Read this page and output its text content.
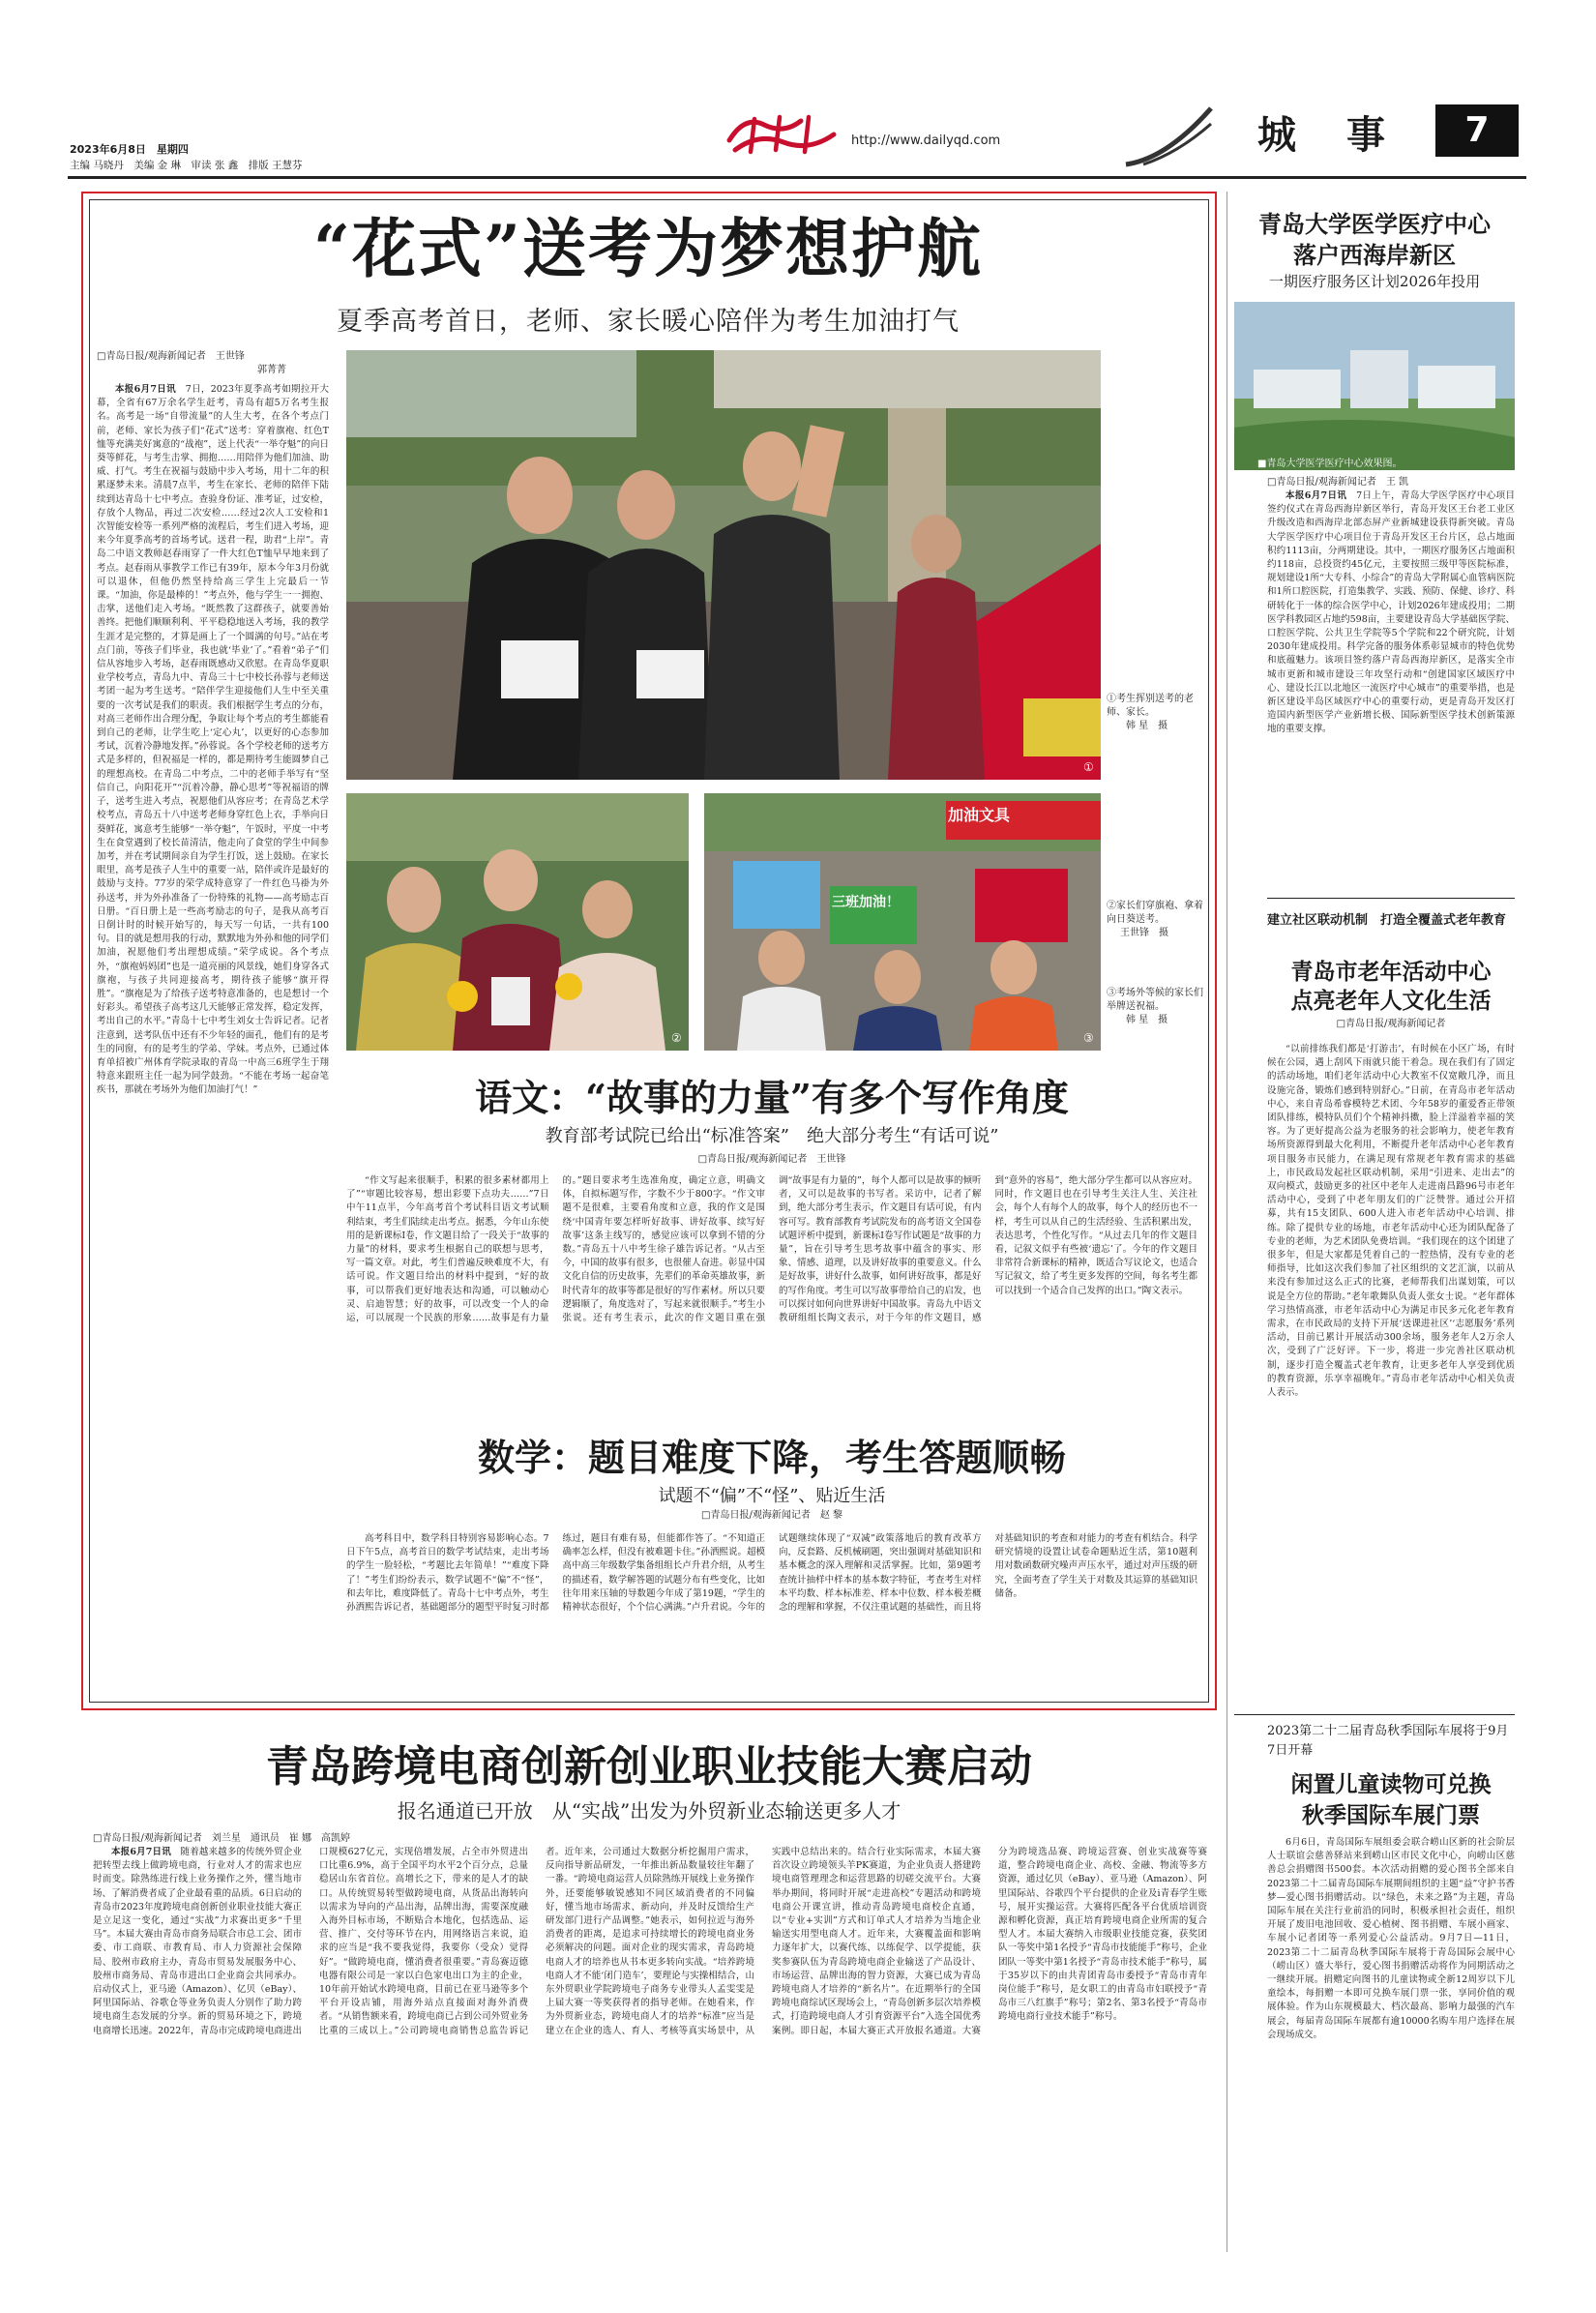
2023年6月8日　星期四
主编 马晓丹　美编 金 琳　审读 张 鑫　排版 王慧芬
http://www.dailyqd.com	城　事	7
“花式”送考为梦想护航
夏季高考首日，老师、家长暖心陪伴为考生加油打气
□青岛日报/观海新闻记者　王世锋
郭菁菁

本报6月7日讯　 7日，2023年夏季高考如期拉开大幕，全省有67万余名学生赶考，青岛有超5万名考生报名。高考是一场“自带流量”的人生大考，在各个考点门前，老师、家长为孩子们“花式”送考：穿着旗袍、红色T恤等充满美好寓意的“战袍”，送上代表“一举夺魁”的向日葵等鲜花，与考生击掌、拥抱……用陪伴为他们加油、助威、打气。考生在祝福与鼓励中步入考场，用十二年的积累逐梦未来。清晨7点半，考生在家长、老师的陪伴下陆续到达青岛十七中考点。查验身份证、准考证，过安检，存放个人物品，再过二次安检……经过2次人工安检和1次智能安检等一系列严格的流程后，考生们进入考场，迎来今年夏季高考的首场考试。送君一程，助君“上岸”。青岛二中语文教师赵春雨穿了一件大红色T恤早早地来到了考点。赵春雨从事教学工作已有39年，原本今年3月份就可以退休，但他仍然坚持给高三学生上完最后一节课。“加油，你是最棒的！”考点外，他与学生一一拥抱、击掌，送他们走入考场。“既然教了这群孩子，就要善始善终。把他们顺顺利利、平平稳稳地送入考场，我的教学生涯才是完整的，才算是画上了一个圆满的句号。”站在考点门前，等孩子们毕业，我也就‘毕业’了。”看着“弟子”们信从容地步入考场，赵春雨既感动又欣慰。在青岛华夏职业学校考点，青岛九中、青岛三十七中校长孙蓉与老师送考团一起为考生送考。“陪伴学生迎接他们人生中至关重要的一次考试是我们的职责。我们根据学生考点的分布，对高三老师作出合理分配，争取让每个考点的考生都能看到自己的老师，让学生吃上‘定心丸’，以更好的心态参加考试，沉着冷静地发挥。”孙蓉说。各个学校老师的送考方式是多样的，但祝福是一样的，都是期待考生能圆梦自己的理想高校。在青岛二中考点，二中的老师手举写有“坚信自己，向阳花开”“沉着冷静，静心思考”等祝福语的牌子，送考生进入考点，祝愿他们从容应考；在青岛艺术学校考点，青岛五十八中送考老师身穿红色上衣，手举向日葵鲜花，寓意考生能够“一举夺魁”，午饭时，平度一中考生在食堂遇到了校长苗清洁，他走向了食堂的学生中间参加考，并在考试期间亲自为学生打饭，送上鼓励。在家长眼里，高考是孩子人生中的重要一站，陪伴或许是最好的鼓励与支持。77岁的荣学成特意穿了一件红色马褂为外孙送考，并为外孙准备了一份特殊的礼物——高考励志百日册。“百日册上是一些高考励志的句子，是我从高考百日倒计时的时候开始写的，每天写一句话，一共有100句。目的就是想用我的行动，默默地为外孙和他的同学们加油，祝愿他们考出理想成绩。”荣学成说。各个考点外，“旗袍妈妈团”也是一道亮丽的风景线，她们身穿各式旗袍，与孩子共同迎接高考，期待孩子能够“旗开得胜”。“旗袍是为了给孩子送考特意准备的，也是想讨一个好彩头。希望孩子高考这几天能够正常发挥，稳定发挥，考出自己的水平。”青岛十七中考生刘女士告诉记者。记者注意到，送考队伍中还有不少年轻的面孔，他们有的是考生的同窗，有的是考生的学弟、学妹。考点外，已通过体育单招被广州体育学院录取的青岛一中高三6班学生于翔特意来跟班主任一起为同学鼓劲。“不能在考场一起奋笔疾书，那就在考场外为他们加油打气！”

①考生挥别送考的老师、家长。
韩 星　摄
②
加油文具
三班加油！
③
①
②家长们穿旗袍、拿着向日葵送考。
王世锋　摄
③考场外等候的家长们举牌送祝福。
韩 星　摄
语文：“故事的力量”有多个写作角度
教育部考试院已给出“标准答案”　绝大部分考生“有话可说”
□青岛日报/观海新闻记者　王世锋

“作文写起来很顺手，积累的很多素材都用上了”“审题比较容易，想出彩要下点功夫……”7日中午11点半，今年高考首个考试科目语文考试顺利结束，考生们陆续走出考点。据悉，今年山东使用的是新课标Ⅰ卷，作文题目给了一段关于“故事的力量”的材料，要求考生根据自己的联想与思考，写一篇文章。对此，考生们普遍反映难度不大，有话可说。作文题目给出的材料中提到，“好的故事，可以帮我们更好地表达和沟通，可以触动心灵、启迪智慧；好的故事，可以改变一个人的命运，可以展现一个民族的形象……故事是有力量的。”题目要求考生选准角度，确定立意，明确文体，自拟标题写作，字数不少于800字。“作文审题不是很难，主要看角度和立意，我的作文是围绕‘中国青年要怎样听好故事、讲好故事、续写好故事’这条主线写的，感觉应该可以拿到不错的分数。”青岛五十八中考生徐子雄告诉记者。“从古至今，中国的故事有很多，也很催人奋进。彰显中国文化自信的历史故事，先辈们的革命英雄故事，新时代青年的故事等都是很好的写作素材。所以只要逻辑顺了，角度选对了，写起来就很顺手。”考生小张说。还有考生表示，此次的作文题目重在强调“故事是有力量的”，每个人都可以是故事的倾听者，又可以是故事的书写者。采访中，记者了解到，绝大部分考生表示，作文题目有话可说，有内容可写。教育部教育考试院发布的高考语文全国卷试题评析中提到，新课标Ⅰ卷写作试题是“故事的力量”，旨在引导考生思考故事中蕴含的事实、形象、情感、道理，以及讲好故事的重要意义。什么是好故事，讲好什么故事，如何讲好故事，都是好的写作角度。考生可以写故事带给自己的启发，也可以探讨如何向世界讲好中国故事。青岛九中语文教研组组长陶文表示，对于今年的作文题目，感到“意外的容易”，绝大部分学生都可以从容应对。同时，作文题目也在引导考生关注人生、关注社会，每个人有每个人的故事，每个人的经历也不一样，考生可以从自己的生活经验、生活积累出发，表达思考，个性化写作。“从过去几年的作文题目看，记叙文似乎有些被‘遗忘’了。今年的作文题目非常符合新课标的精神，既适合写议论文，也适合写记叙文，给了考生更多发挥的空间，每名考生都可以找到一个适合自己发挥的出口。”陶文表示。

数学：题目难度下降，考生答题顺畅
试题不“偏”不“怪”、贴近生活
□青岛日报/观海新闻记者　赵 黎

高考科目中，数学科目特别容易影响心态。7日下午5点，高考首日的数学考试结束，走出考场的学生一脸轻松，“考题比去年简单！”“难度下降了！”考生们纷纷表示，数学试题不“偏”不“怪”，和去年比，难度降低了。青岛十七中考点外，考生孙洒熙告诉记者，基础题部分的题型平时复习时都练过，题目有难有易，但能都作答了。“不知道正确率怎么样，但没有被难题卡住。”孙洒熙说。超模高中高三年级数学集备组组长卢升君介绍，从考生的描述看，数学解答题的试题分布有些变化，比如往年用来压轴的导数题今年成了第19题，“学生的精神状态很好，个个信心满满。”卢升君说。今年的试题继续体现了“双减”政策落地后的教育改革方向，反套路、反机械刷题，突出强调对基础知识和基本概念的深入理解和灵活掌握。比如，第9题考查统计抽样中样本的基本数字特征，考查考生对样本平均数、样本标准差、样本中位数、样本极差概念的理解和掌握，不仅注重试题的基础性，而且将对基础知识的考查和对能力的考查有机结合。科学研究情境的设置让试卷命题贴近生活，第10题利用对数函数研究噪声声压水平，通过对声压级的研究，全面考查了学生关于对数及其运算的基础知识储备。

青岛大学医学医疗中心
落户西海岸新区
一期医疗服务区计划2026年投用
■青岛大学医学医疗中心效果图。
□青岛日报/观海新闻记者　王 凯

本报6月7日讯　 7日上午，青岛大学医学医疗中心项目签约仪式在青岛西海岸新区举行，青岛开发区王台老工业区升级改造和西海岸北部态屏产业新城建设获得新突破。青岛大学医学医疗中心项目位于青岛开发区王台片区，总占地面积约1113亩，分两期建设。其中，一期医疗服务区占地面积约118亩，总投资约45亿元，主要按照三级甲等医院标准，规划建设1所“大专科、小综合”的青岛大学附属心血管病医院和1所口腔医院，打造集教学、实践、预防、保健、诊疗、科研转化于一体的综合医学中心，计划2026年建成投用；二期医学科教园区占地约598亩，主要建设青岛大学基础医学院、口腔医学院、公共卫生学院等5个学院和22个研究院，计划2030年建成投用。科学完备的服务体系彰显城市的特色优势和底蕴魅力。该项目签约落户青岛西海岸新区，是落实全市城市更新和城市建设三年攻坚行动和“创建国家区域医疗中心、建设长江以北地区一流医疗中心城市”的重要举措，也是新区建设半岛区域医疗中心的重要行动，更是青岛开发区打造国内新型医学产业新增长极、国际新型医学技术创新策源地的重要支撑。

建立社区联动机制　打造全覆盖式老年教育
青岛市老年活动中心
点亮老年人文化生活
□青岛日报/观海新闻记者

“以前排练我们都是‘打游击’，有时候在小区广场，有时候在公园，遇上刮风下雨就只能干着急。现在我们有了固定的活动场地，咱们老年活动中心大教室不仅宽敞几净，而且设施完备，锻炼们感到特别舒心。”日前，在青岛市老年活动中心，来自青岛希睿模特艺术团、今年58岁的董爱香正带领团队排练，模特队员们个个精神抖擞，脸上洋溢着幸福的笑容。为了更好提高公益为老服务的社会影响力，使老年教育场所资源得到最大化利用，不断提升老年活动中心老年教育项目服务市民能力，在满足现有常规老年教育需求的基础上，市民政局发起社区联动机制，采用“引进来、走出去”的双向模式，鼓励更多的社区中老年人走进南昌路96号市老年活动中心，受到了中老年朋友们的广泛赞誉。通过公开招募，共有15支团队、600人进入市老年活动中心培训、排练。除了提供专业的场地，市老年活动中心还为团队配备了专业的老师，为艺术团队免费培训。“我们现在的这个团建了很多年，但是大家都是凭着自己的一腔热情，没有专业的老师指导，比如这次我们参加了社区组织的文艺汇演，以前从来没有参加过这么正式的比赛，老师帮我们出谋划策，可以说是全方位的帮助。”老年歌舞队负责人张女士说。“老年群体学习热情高涨，市老年活动中心为满足市民多元化老年教育需求，在市民政局的支持下开展‘送课进社区’‘志愿服务’系列活动，目前已累计开展活动300余场，服务老年人2万余人次，受到了广泛好评。下一步，将进一步完善社区联动机制，逐步打造全覆盖式老年教育，让更多老年人享受到优质的教育资源，乐享幸福晚年。”青岛市老年活动中心相关负责人表示。

2023第二十二届青岛秋季国际车展将于9月7日开幕
闲置儿童读物可兑换
秋季国际车展门票

6月6日，青岛国际车展组委会联合崂山区新的社会阶层人士联谊会慈善驿站来到崂山区市民文化中心，向崂山区慈善总会捐赠图书500套。本次活动捐赠的爱心图书全部来自2023第二十二届青岛国际车展期间组织的主题“益”守护书香梦—爱心图书捐赠活动。以“绿色，未来之路”为主题，青岛国际车展在关注行业前沿的同时，积极承担社会责任，组织开展了废旧电池回收、爱心植树、图书捐赠、车展小画家、车展小记者团等一系列爱心公益活动。9月7日—11日，2023第二十二届青岛秋季国际车展将于青岛国际会展中心（崂山区）盛大举行，爱心图书捐赠活动将作为同期活动之一继续开展。捐赠定向图书的儿童读物或全新12周岁以下儿童绘本，每捐赠一本即可兑换车展门票一张，享同价值的观展体验。作为山东规模最大、档次最高、影响力最强的汽车展会，每届青岛国际车展都有逾10000名购车用户选择在展会现场成交。

青岛跨境电商创新创业职业技能大赛启动
报名通道已开放　从“实战”出发为外贸新业态输送更多人才
□青岛日报/观海新闻记者　刘兰星　通讯员　崔 娜　高凯婷

本报6月7日讯　 随着越来越多的传统外贸企业把转型去线上做跨境电商，行业对人才的需求也应时而变。除熟练进行线上业务操作之外，懂当地市场、了解消费者成了企业最看重的品质。6日启动的青岛市2023年度跨境电商创新创业职业技能大赛正是立足这一变化，通过“实战”力求赛出更多“千里马”。本届大赛由青岛市商务局联合市总工会、团市委、市工商联、市教育局、市人力资源社会保障局、胶州市政府主办，青岛市贸易发展服务中心、胶州市商务局、青岛市进出口企业商会共同承办。启动仪式上，亚马逊（Amazon）、亿贝（eBay）、阿里国际站、谷歌仓等业务负责人分别作了助力跨境电商生态发展的分享。新的贸易环境之下，跨境电商增长迅速。2022年，青岛市完成跨境电商进出口规模627亿元，实现倍增发展，占全市外贸进出口比重6.9%，高于全国平均水平2个百分点，总量稳居山东省首位。高增长之下，带来的是人才的缺口。从传统贸易转型做跨境电商，从货品出海转向以需求为导向的产品出海，品牌出海，需要深度融入海外目标市场，不断贴合本地化，包括选品、运营、推广、交付等环节在内，用网络语言来说，追求的应当是“我不要我觉得，我要你（受众）觉得好”。“做跨境电商，懂消费者很重要。”青岛赛迈德电器有限公司是一家以白色家电出口为主的企业，10年前开始试水跨境电商，目前已在亚马逊等多个平台开设店铺，用海外站点直接面对海外消费者。“从销售额来看，跨境电商已占到公司外贸业务比重的三成以上。”公司跨境电商销售总监告诉记者。近年来，公司通过大数据分析挖掘用户需求，反向指导新品研发，一年推出新品数量较往年翻了一番。“跨境电商运营人员除熟练开展线上业务操作外，还要能够敏锐感知不同区域消费者的不同偏好，懂当地市场需求、新动向，并及时反馈给生产研发部门进行产品调整。”她表示，如何拉近与海外消费者的距离，是追求可持续增长的跨境电商业务必须解决的问题。面对企业的现实需求，青岛跨境电商人才的培养也从书本更多转向实战。“培养跨境电商人才不能‘闭门造车’，要理论与实操相结合，山东外贸职业学院跨境电子商务专业带头人孟雯雯是上届大赛一等奖获得者的指导老师。在她看来，作为外贸新业态，跨境电商人才的培养“标准”应当是建立在企业的选人、育人、考核等真实场景中，从实践中总结出来的。结合行业实际需求，本届大赛首次设立跨境领头羊PK赛道，为企业负责人搭建跨境电商管理理念和运营思路的切磋交流平台。大赛举办期间，将同时开展“走进高校”专题活动和跨境电商公开课宣讲，推动青岛跨境电商校企直通，以“专业+实训”方式和订单式人才培养为当地企业输送实用型电商人才。近年来，大赛覆盖面和影响力逐年扩大，以赛代练、以练促学、以学提能，获奖参赛队伍为青岛跨境电商企业输送了产品设计、市场运营、品牌出海的智力资源，大赛已成为青岛跨境电商人才培养的“新名片”。在近期举行的全国跨境电商综试区现场会上，“青岛创新多层次培养模式，打造跨境电商人才引育资源平台”入选全国优秀案例。即日起，本届大赛正式开放报名通道。大赛分为跨境选品赛、跨境运营赛、创业实战赛等赛道，整合跨境电商企业、高校、金融、物流等多方资源，通过亿贝（eBay）、亚马逊（Amazon）、阿里国际站、谷歌四个平台提供的企业及i青春学生账号，展开实操运营。大赛将匹配各平台优质培训资源和孵化资源，真正培育跨境电商企业所需的复合型人才。本届大赛纳入市级职业技能竞赛，获奖团队一等奖中第1名授予“青岛市技能能手”称号，企业团队一等奖中第1名授予“青岛市技术能手”称号，属于35岁以下的由共青团青岛市委授予“青岛市青年岗位能手”称号，是女职工的由青岛市妇联授予“青岛市三八红旗手”称号；第2名、第3名授予“青岛市跨境电商行业技术能手”称号。
